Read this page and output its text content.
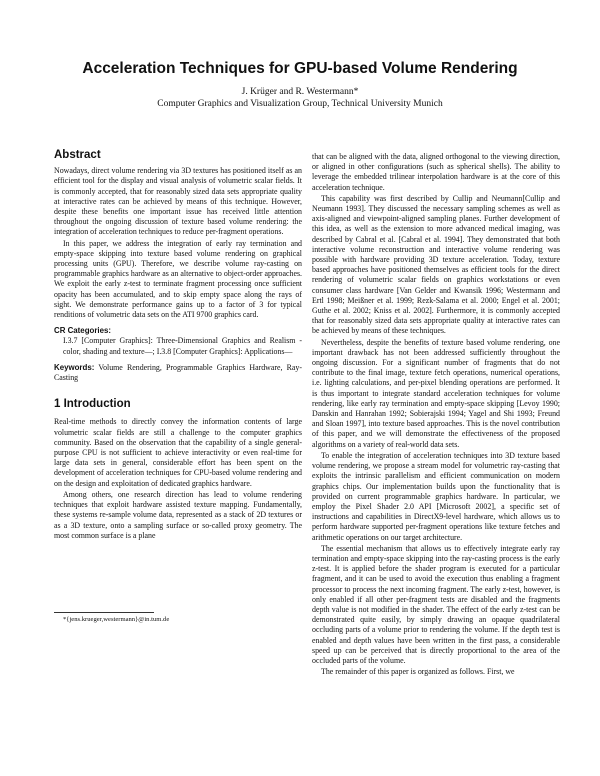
Acceleration Techniques for GPU-based Volume Rendering
J. Krüger and R. Westermann*
Computer Graphics and Visualization Group, Technical University Munich
Abstract

Nowadays, direct volume rendering via 3D textures has positioned itself as an efficient tool for the display and visual analysis of volumetric scalar fields. It is commonly accepted, that for reasonably sized data sets appropriate quality at interactive rates can be achieved by means of this technique. However, despite these benefits one important issue has received little attention throughout the ongoing discussion of texture based volume rendering: the integration of acceleration techniques to reduce per-fragment operations.

In this paper, we address the integration of early ray termination and empty-space skipping into texture based volume rendering on graphical processing units (GPU). Therefore, we describe volume ray-casting on programmable graphics hardware as an alternative to object-order approaches. We exploit the early z-test to terminate fragment processing once sufficient opacity has been accumulated, and to skip empty space along the rays of sight. We demonstrate performance gains up to a factor of 3 for typical renditions of volumetric data sets on the ATI 9700 graphics card.

CR Categories:
I.3.7 [Computer Graphics]: Three-Dimensional Graphics and Realism - color, shading and texture—; I.3.8 [Computer Graphics]: Applications—
Keywords: Volume Rendering, Programmable Graphics Hardware, Ray-Casting
1 Introduction

Real-time methods to directly convey the information contents of large volumetric scalar fields are still a challenge to the computer graphics community. Based on the observation that the capability of a single general-purpose CPU is not sufficient to achieve interactivity or even real-time for large data sets in general, considerable effort has been spent on the development of acceleration techniques for CPU-based volume rendering and on the design and exploitation of dedicated graphics hardware.

Among others, one research direction has lead to volume rendering techniques that exploit hardware assisted texture mapping. Fundamentally, these systems re-sample volume data, represented as a stack of 2D textures or as a 3D texture, onto a sampling surface or so-called proxy geometry. The most common surface is a plane

*{jens.krueger,westermann}@in.tum.de

that can be aligned with the data, aligned orthogonal to the viewing direction, or aligned in other configurations (such as spherical shells). The ability to leverage the embedded trilinear interpolation hardware is at the core of this acceleration technique.

This capability was first described by Cullip and Neumann[Cullip and Neumann 1993]. They discussed the necessary sampling schemes as well as axis-aligned and viewpoint-aligned sampling planes. Further development of this idea, as well as the extension to more advanced medical imaging, was described by Cabral et al. [Cabral et al. 1994]. They demonstrated that both interactive volume reconstruction and interactive volume rendering was possible with hardware providing 3D texture acceleration. Today, texture based approaches have positioned themselves as efficient tools for the direct rendering of volumetric scalar fields on graphics workstations or even consumer class hardware [Van Gelder and Kwansik 1996; Westermann and Ertl 1998; Meißner et al. 1999; Rezk-Salama et al. 2000; Engel et al. 2001; Guthe et al. 2002; Kniss et al. 2002]. Furthermore, it is commonly accepted that for reasonably sized data sets appropriate quality at interactive rates can be achieved by means of these techniques.

Nevertheless, despite the benefits of texture based volume rendering, one important drawback has not been addressed sufficiently throughout the ongoing discussion. For a significant number of fragments that do not contribute to the final image, texture fetch operations, numerical operations, i.e. lighting calculations, and per-pixel blending operations are performed. It is thus important to integrate standard acceleration techniques for volume rendering, like early ray termination and empty-space skipping [Levoy 1990; Danskin and Hanrahan 1992; Sobierajski 1994; Yagel and Shi 1993; Freund and Sloan 1997], into texture based approaches. This is the novel contribution of this paper, and we will demonstrate the effectiveness of the proposed algorithms on a variety of real-world data sets.

To enable the integration of acceleration techniques into 3D texture based volume rendering, we propose a stream model for volumetric ray-casting that exploits the intrinsic parallelism and efficient communication on modern graphics chips. Our implementation builds upon the functionality that is provided on current programmable graphics hardware. In particular, we employ the Pixel Shader 2.0 API [Microsoft 2002], a specific set of instructions and capabilities in DirectX9-level hardware, which allows us to perform hardware supported per-fragment operations like texture fetches and arithmetic operations on our target architecture.

The essential mechanism that allows us to effectively integrate early ray termination and empty-space skipping into the ray-casting process is the early z-test. It is applied before the shader program is executed for a particular fragment, and it can be used to avoid the execution thus enabling a fragment processor to process the next incoming fragment. The early z-test, however, is only enabled if all other per-fragment tests are disabled and the fragments depth value is not modified in the shader. The effect of the early z-test can be demonstrated quite easily, by simply drawing an opaque quadrilateral occluding parts of a volume prior to rendering the volume. If the depth test is enabled and depth values have been written in the first pass, a considerable speed up can be perceived that is directly proportional to the area of the occluded parts of the volume.

The remainder of this paper is organized as follows. First, we
